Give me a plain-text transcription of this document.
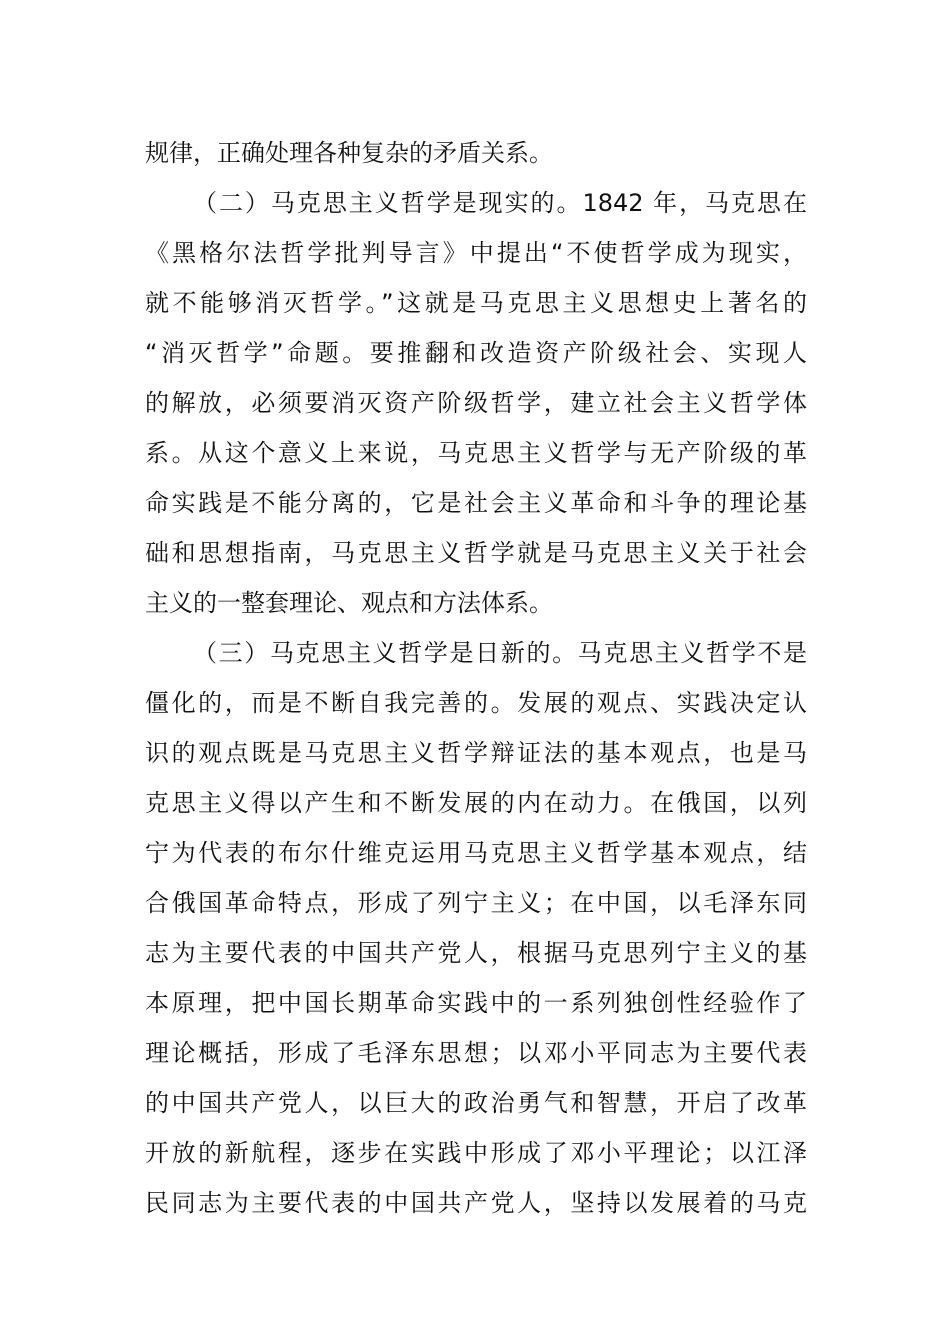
规律，正确处理各种复杂的矛盾关系。
（二）马克思主义哲学是现实的。1842 年，马克思在
《黑格尔法哲学批判导言》中提出“不使哲学成为现实，
就不能够消灭哲学。”这就是马克思主义思想史上著名的
“消灭哲学”命题。要推翻和改造资产阶级社会、实现人
的解放，必须要消灭资产阶级哲学，建立社会主义哲学体
系。从这个意义上来说，马克思主义哲学与无产阶级的革
命实践是不能分离的，它是社会主义革命和斗争的理论基
础和思想指南，马克思主义哲学就是马克思主义关于社会
主义的一整套理论、观点和方法体系。
（三）马克思主义哲学是日新的。马克思主义哲学不是
僵化的，而是不断自我完善的。发展的观点、实践决定认
识的观点既是马克思主义哲学辩证法的基本观点，也是马
克思主义得以产生和不断发展的内在动力。在俄国，以列
宁为代表的布尔什维克运用马克思主义哲学基本观点，结
合俄国革命特点，形成了列宁主义；在中国，以毛泽东同
志为主要代表的中国共产党人，根据马克思列宁主义的基
本原理，把中国长期革命实践中的一系列独创性经验作了
理论概括，形成了毛泽东思想；以邓小平同志为主要代表
的中国共产党人，以巨大的政治勇气和智慧，开启了改革
开放的新航程，逐步在实践中形成了邓小平理论；以江泽
民同志为主要代表的中国共产党人，坚持以发展着的马克
